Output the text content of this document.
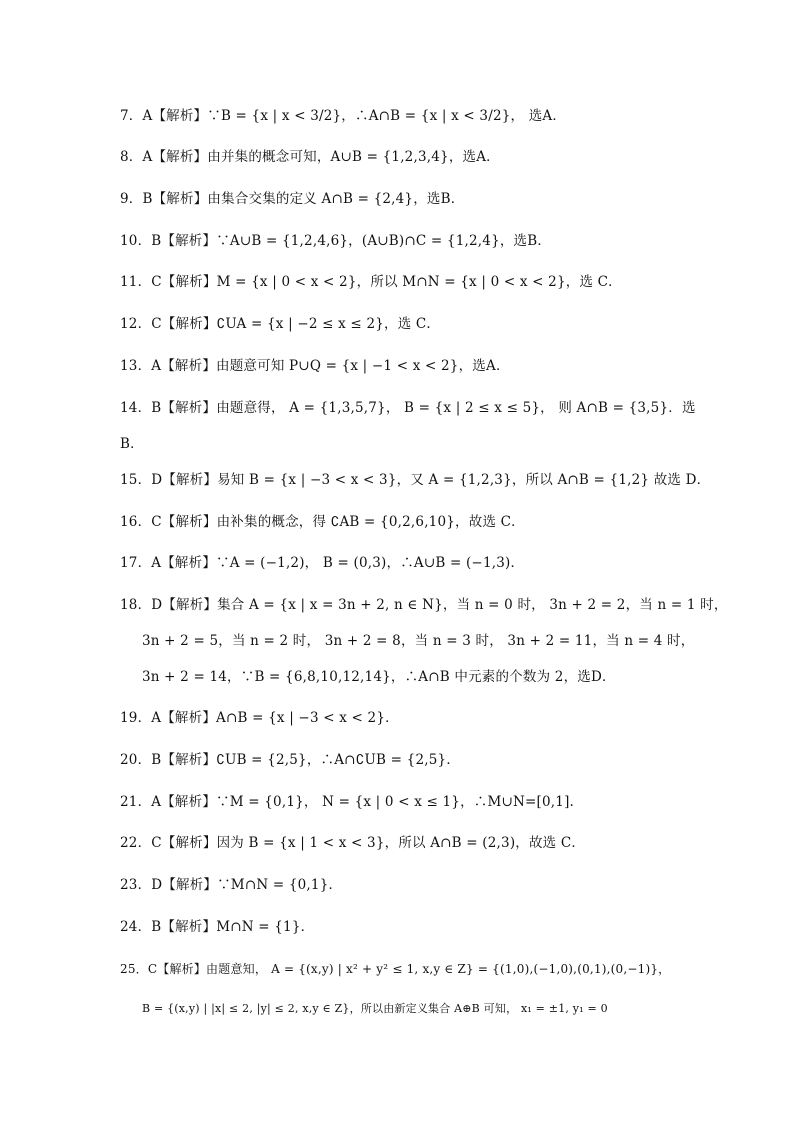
7．A【解析】∵B = {x | x < 3/2}，∴A∩B = {x | x < 3/2}， 选A．
8．A【解析】由并集的概念可知，A∪B = {1,2,3,4}，选A．
9．B【解析】由集合交集的定义 A∩B = {2,4}，选B．
10．B【解析】∵A∪B = {1,2,4,6}，(A∪B)∩C = {1,2,4}，选B．
11．C【解析】M = {x | 0 < x < 2}，所以 M∩N = {x | 0 < x < 2}，选 C．
12．C【解析】∁UA = {x | −2 ≤ x ≤ 2}，选 C．
13．A【解析】由题意可知 P∪Q = {x | −1 < x < 2}，选A．
14．B【解析】由题意得， A = {1,3,5,7}， B = {x | 2 ≤ x ≤ 5}， 则 A∩B = {3,5}．选
B．
15．D【解析】易知 B = {x | −3 < x < 3}，又 A = {1,2,3}，所以 A∩B = {1,2} 故选 D．
16．C【解析】由补集的概念，得 ∁AB = {0,2,6,10}，故选 C．
17．A【解析】∵A = (−1,2)， B = (0,3)，∴A∪B = (−1,3)．
18．D【解析】集合 A = {x | x = 3n + 2, n ∈ N}，当 n = 0 时， 3n + 2 = 2，当 n = 1 时，
3n + 2 = 5，当 n = 2 时， 3n + 2 = 8，当 n = 3 时， 3n + 2 = 11，当 n = 4 时，
3n + 2 = 14，∵B = {6,8,10,12,14}，∴A∩B 中元素的个数为 2，选D．
19．A【解析】A∩B = {x | −3 < x < 2}．
20．B【解析】∁UB = {2,5}，∴A∩∁UB = {2,5}．
21．A【解析】∵M = {0,1}， N = {x | 0 < x ≤ 1}，∴M∪N=[0,1].
22．C【解析】因为 B = {x | 1 < x < 3}，所以 A∩B = (2,3)，故选 C．
23．D【解析】∵M∩N = {0,1}．
24．B【解析】M∩N = {1}．
25．C【解析】由题意知， A = {(x,y) | x² + y² ≤ 1, x,y ∈ Z} = {(1,0),(−1,0),(0,1),(0,−1)}，
B = {(x,y) | |x| ≤ 2, |y| ≤ 2, x,y ∈ Z}，所以由新定义集合 A⊕B 可知， x₁ = ±1, y₁ = 0
